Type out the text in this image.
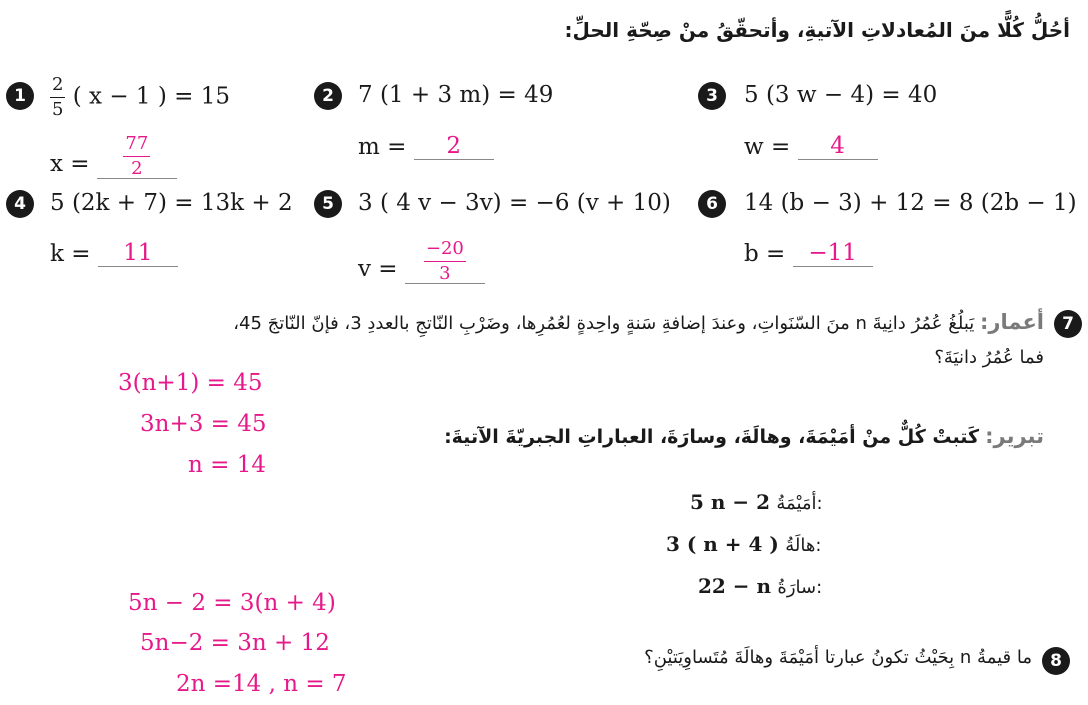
أحُلُّ كُلًّا منَ المُعادلاتِ الآتيةِ، وأتحقّقُ منْ صِحّةِ الحلِّ:
1	$\frac{2}{5}$ ( x − 1 ) = 15
$x = \frac{77}{2}$
2	7 (1 + 3 m) = 49
m = 2
3	5 (3 w − 4) = 40
w = 4
4	5 (2k + 7) = 13k + 2
k = 11
5	3 ( 4 v − 3v) = −6 (v + 10)
$v = \frac{-20}{3}$
6	14 (b − 3) + 12 = 8 (2b − 1)
b = −11
7
أعمار: يَبلُغُ عُمُرُ دانِيةَ n منَ السّنَواتِ، وعندَ إضافةِ سَنةٍ واحِدةٍ لعُمُرِها، وضَرْبِ النّاتجِ بالعددِ 3، فإنّ النّاتجَ 45،
فما عُمُرُ دانيَةَ؟
3(n+1) = 45
3n+3 = 45
n = 14
تبرير: كَتبتْ كُلٌّ منْ أمَيْمَةَ، وهالَةَ، وسارَةَ، العباراتِ الجبريّةَ الآتيةَ:
5 n − 2 أمَيْمَةُ:
3 ( n + 4 ) هالَةُ:
22 − n سارَةُ:
8
ما قيمةُ n بِحَيْثُ تكونُ عبارتا أمَيْمَةَ وهالَةَ مُتَساوِيَتيْنِ؟
5n − 2 = 3(n + 4)
5n−2 = 3n + 12
2n =14 , n = 7
